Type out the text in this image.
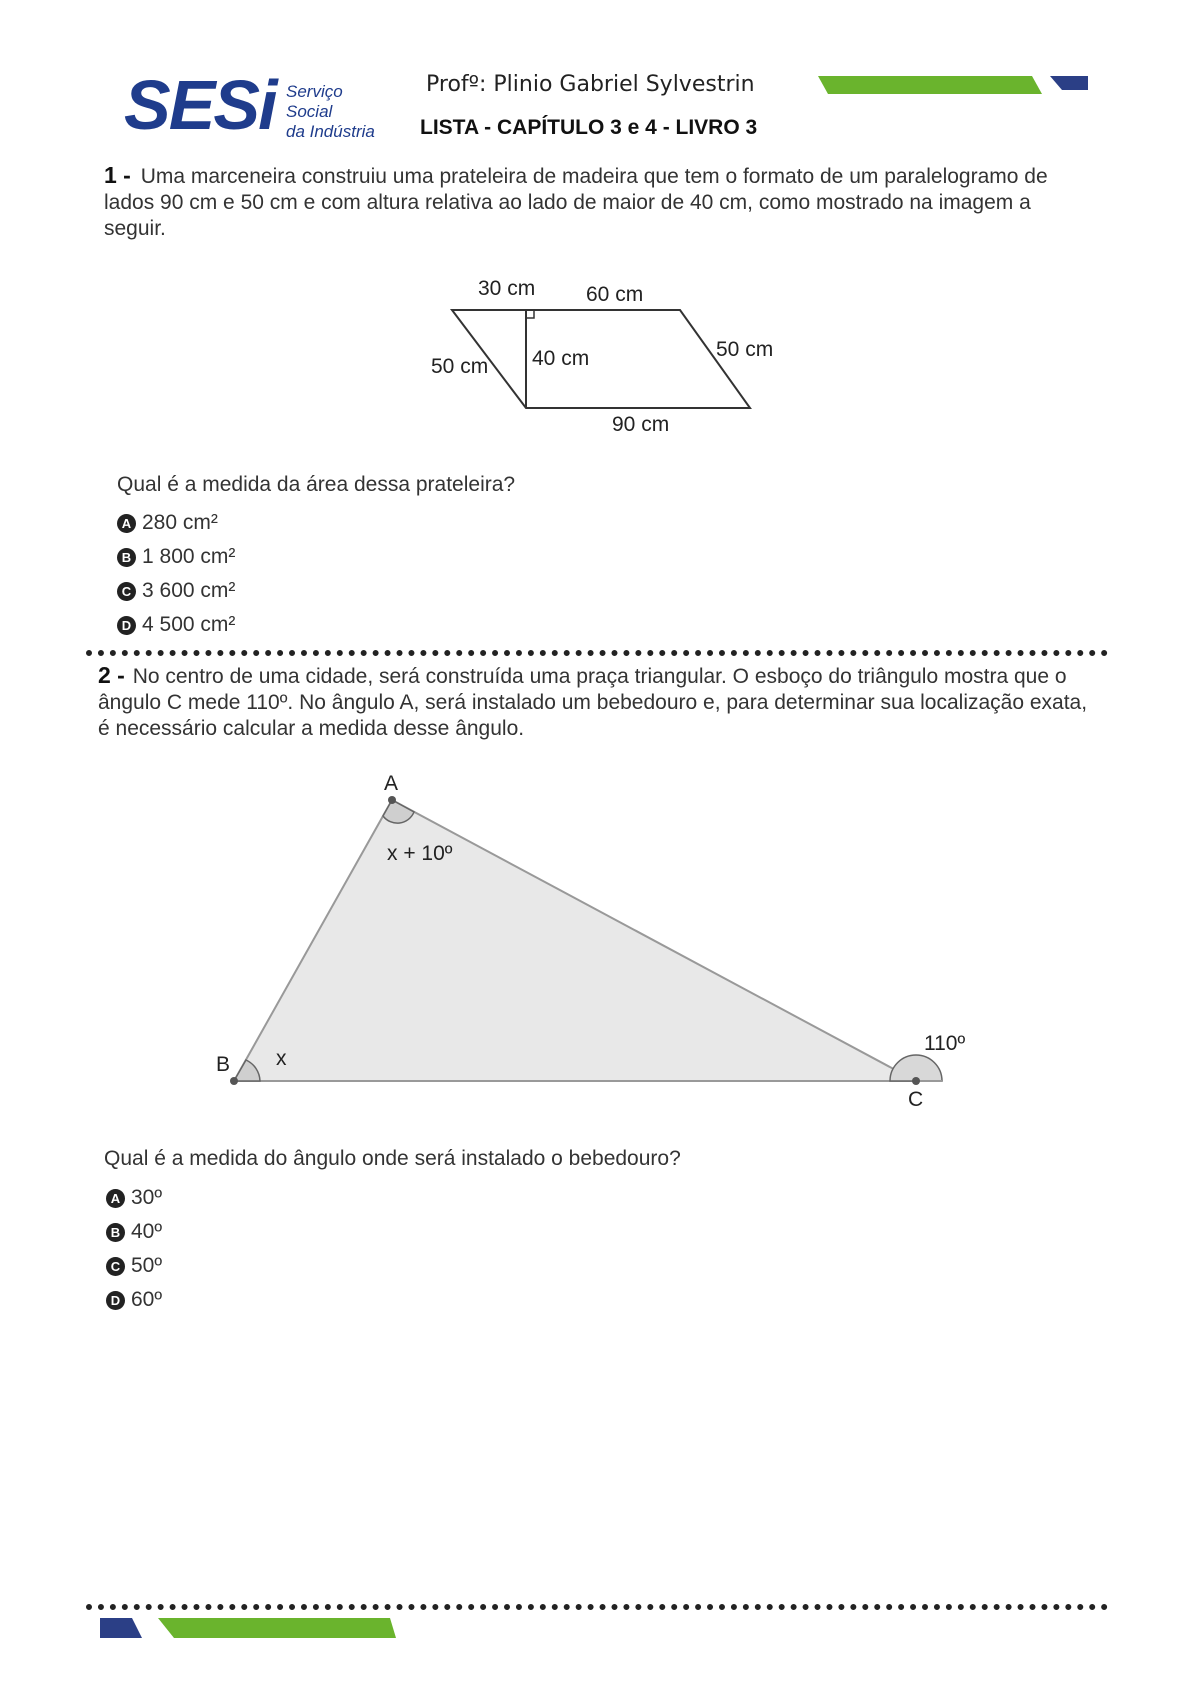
SESi Serviço
Social
da Indústria
Profº: Plinio Gabriel Sylvestrin
LISTA - CAPÍTULO 3 e 4 - LIVRO 3
1 - Uma marceneira construiu uma prateleira de madeira que tem o formato de um paralelogramo de lados 90 cm e 50 cm e com altura relativa ao lado de maior de 40 cm, como mostrado na imagem a seguir.
30 cm 60 cm
50 cm 40 cm	50 cm
90 cm
Qual é a medida da área dessa prateleira?
A 280 cm²
B 1 800 cm²
C 3 600 cm²
D 4 500 cm²
2 - No centro de uma cidade, será construída uma praça triangular. O esboço do triângulo mostra que o ângulo C mede 110º. No ângulo A, será instalado um bebedouro e, para determinar sua localização exata, é necessário calcular a medida desse ângulo.
A
B
C
x + 10º
x
110º
Qual é a medida do ângulo onde será instalado o bebedouro?
A 30º
B 40º
C 50º
D 60º
